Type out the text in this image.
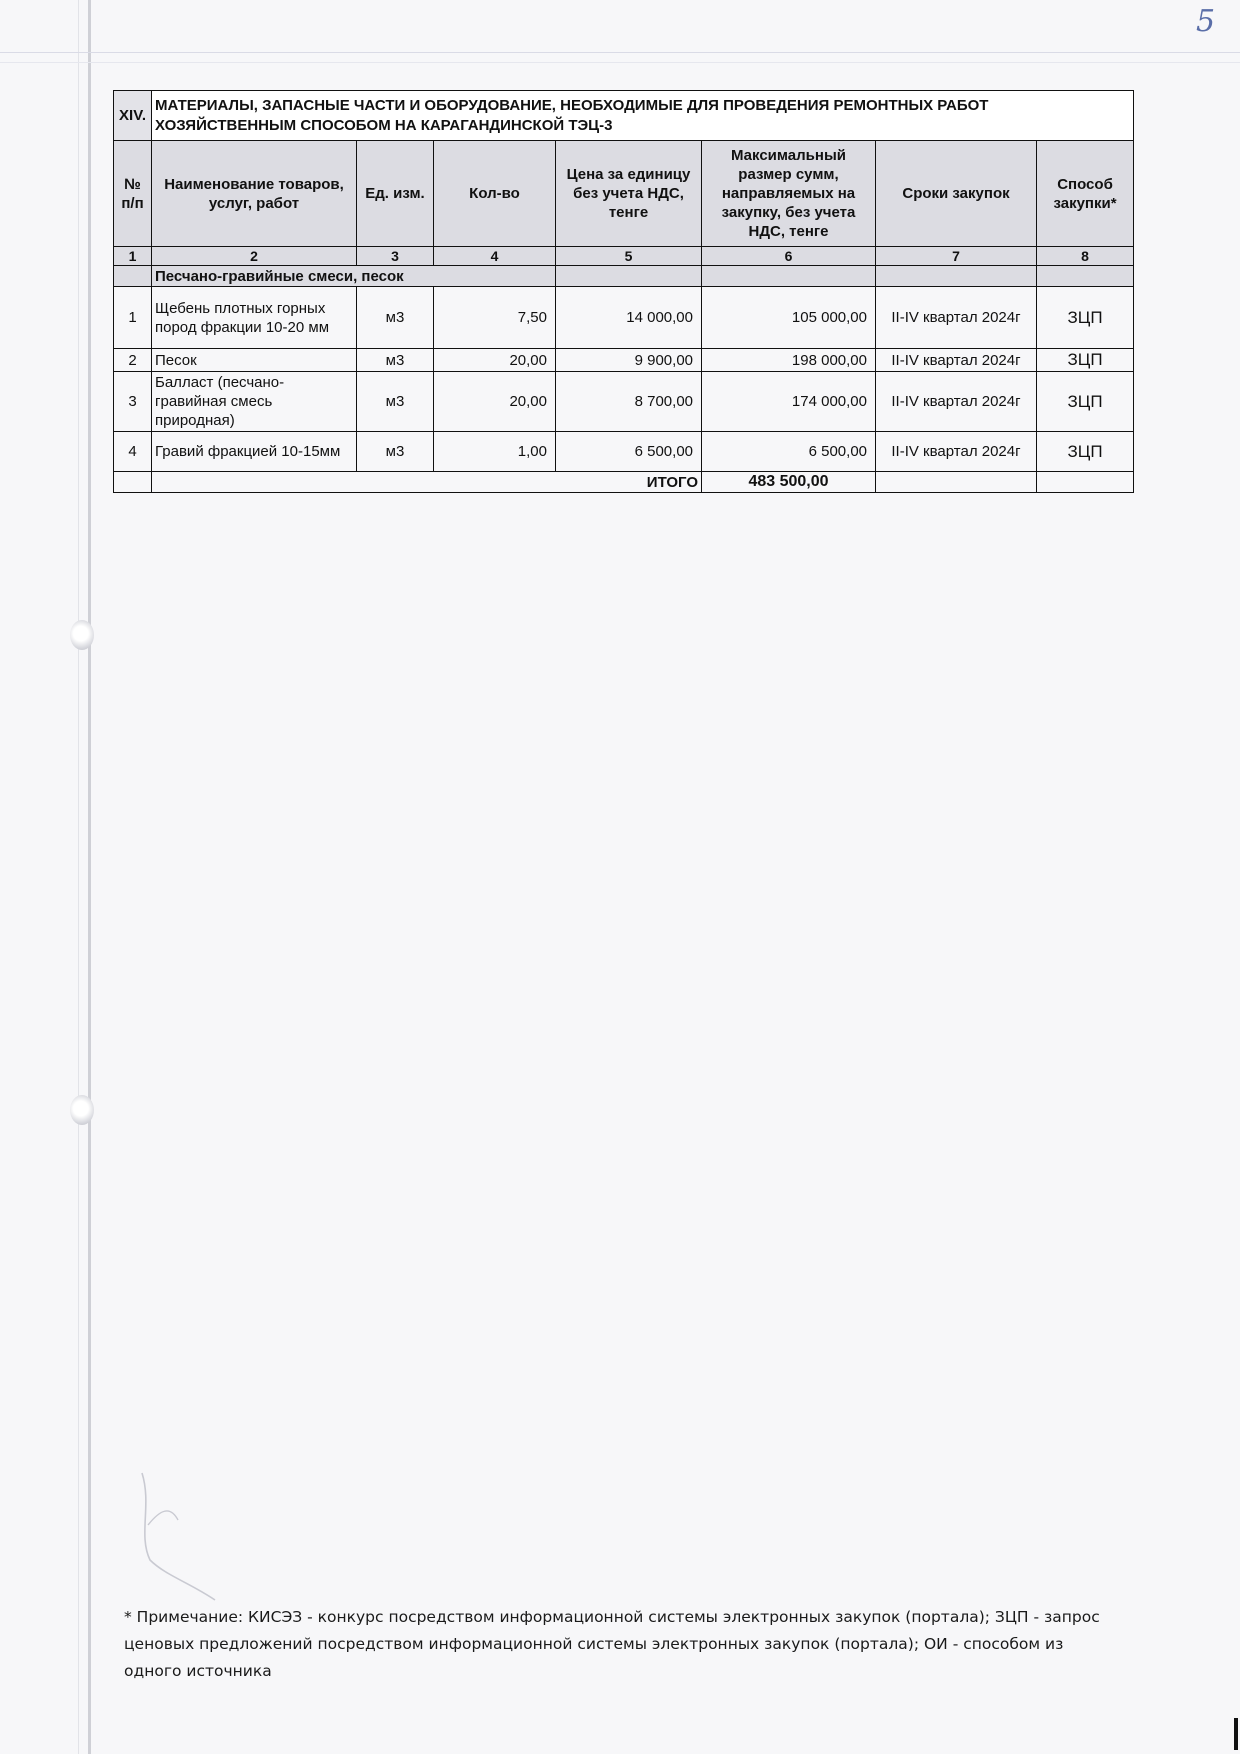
5
XIV.	МАТЕРИАЛЫ, ЗАПАСНЫЕ ЧАСТИ И ОБОРУДОВАНИЕ, НЕОБХОДИМЫЕ ДЛЯ ПРОВЕДЕНИЯ РЕМОНТНЫХ РАБОТ ХОЗЯЙСТВЕННЫМ СПОСОБОМ НА КАРАГАНДИНСКОЙ ТЭЦ-3						
№ п/п	Наименование товаров, услуг, работ	Ед. изм.	Кол-во	Цена за единицу без учета НДС, тенге	Максимальный размер сумм, направляемых на закупку, без учета НДС, тенге	Сроки закупок	Способ закупки*
1	2	3	4	5	6	7	8
	Песчано-гравийные смеси, песок						
1	Щебень плотных горных пород фракции 10-20 мм	м3	7,50	14 000,00	105 000,00	II-IV квартал 2024г	ЗЦП
2	Песок	м3	20,00	9 900,00	198 000,00	II-IV квартал 2024г	ЗЦП
3	Балласт (песчано-гравийная смесь природная)	м3	20,00	8 700,00	174 000,00	II-IV квартал 2024г	ЗЦП
4	Гравий фракцией 10-15мм	м3	1,00	6 500,00	6 500,00	II-IV квартал 2024г	ЗЦП
	ИТОГО				483 500,00		
* Примечание: КИСЭЗ - конкурс посредством информационной системы электронных закупок (портала); ЗЦП - запрос ценовых предложений посредством информационной системы электронных закупок (портала); ОИ - способом из одного источника
